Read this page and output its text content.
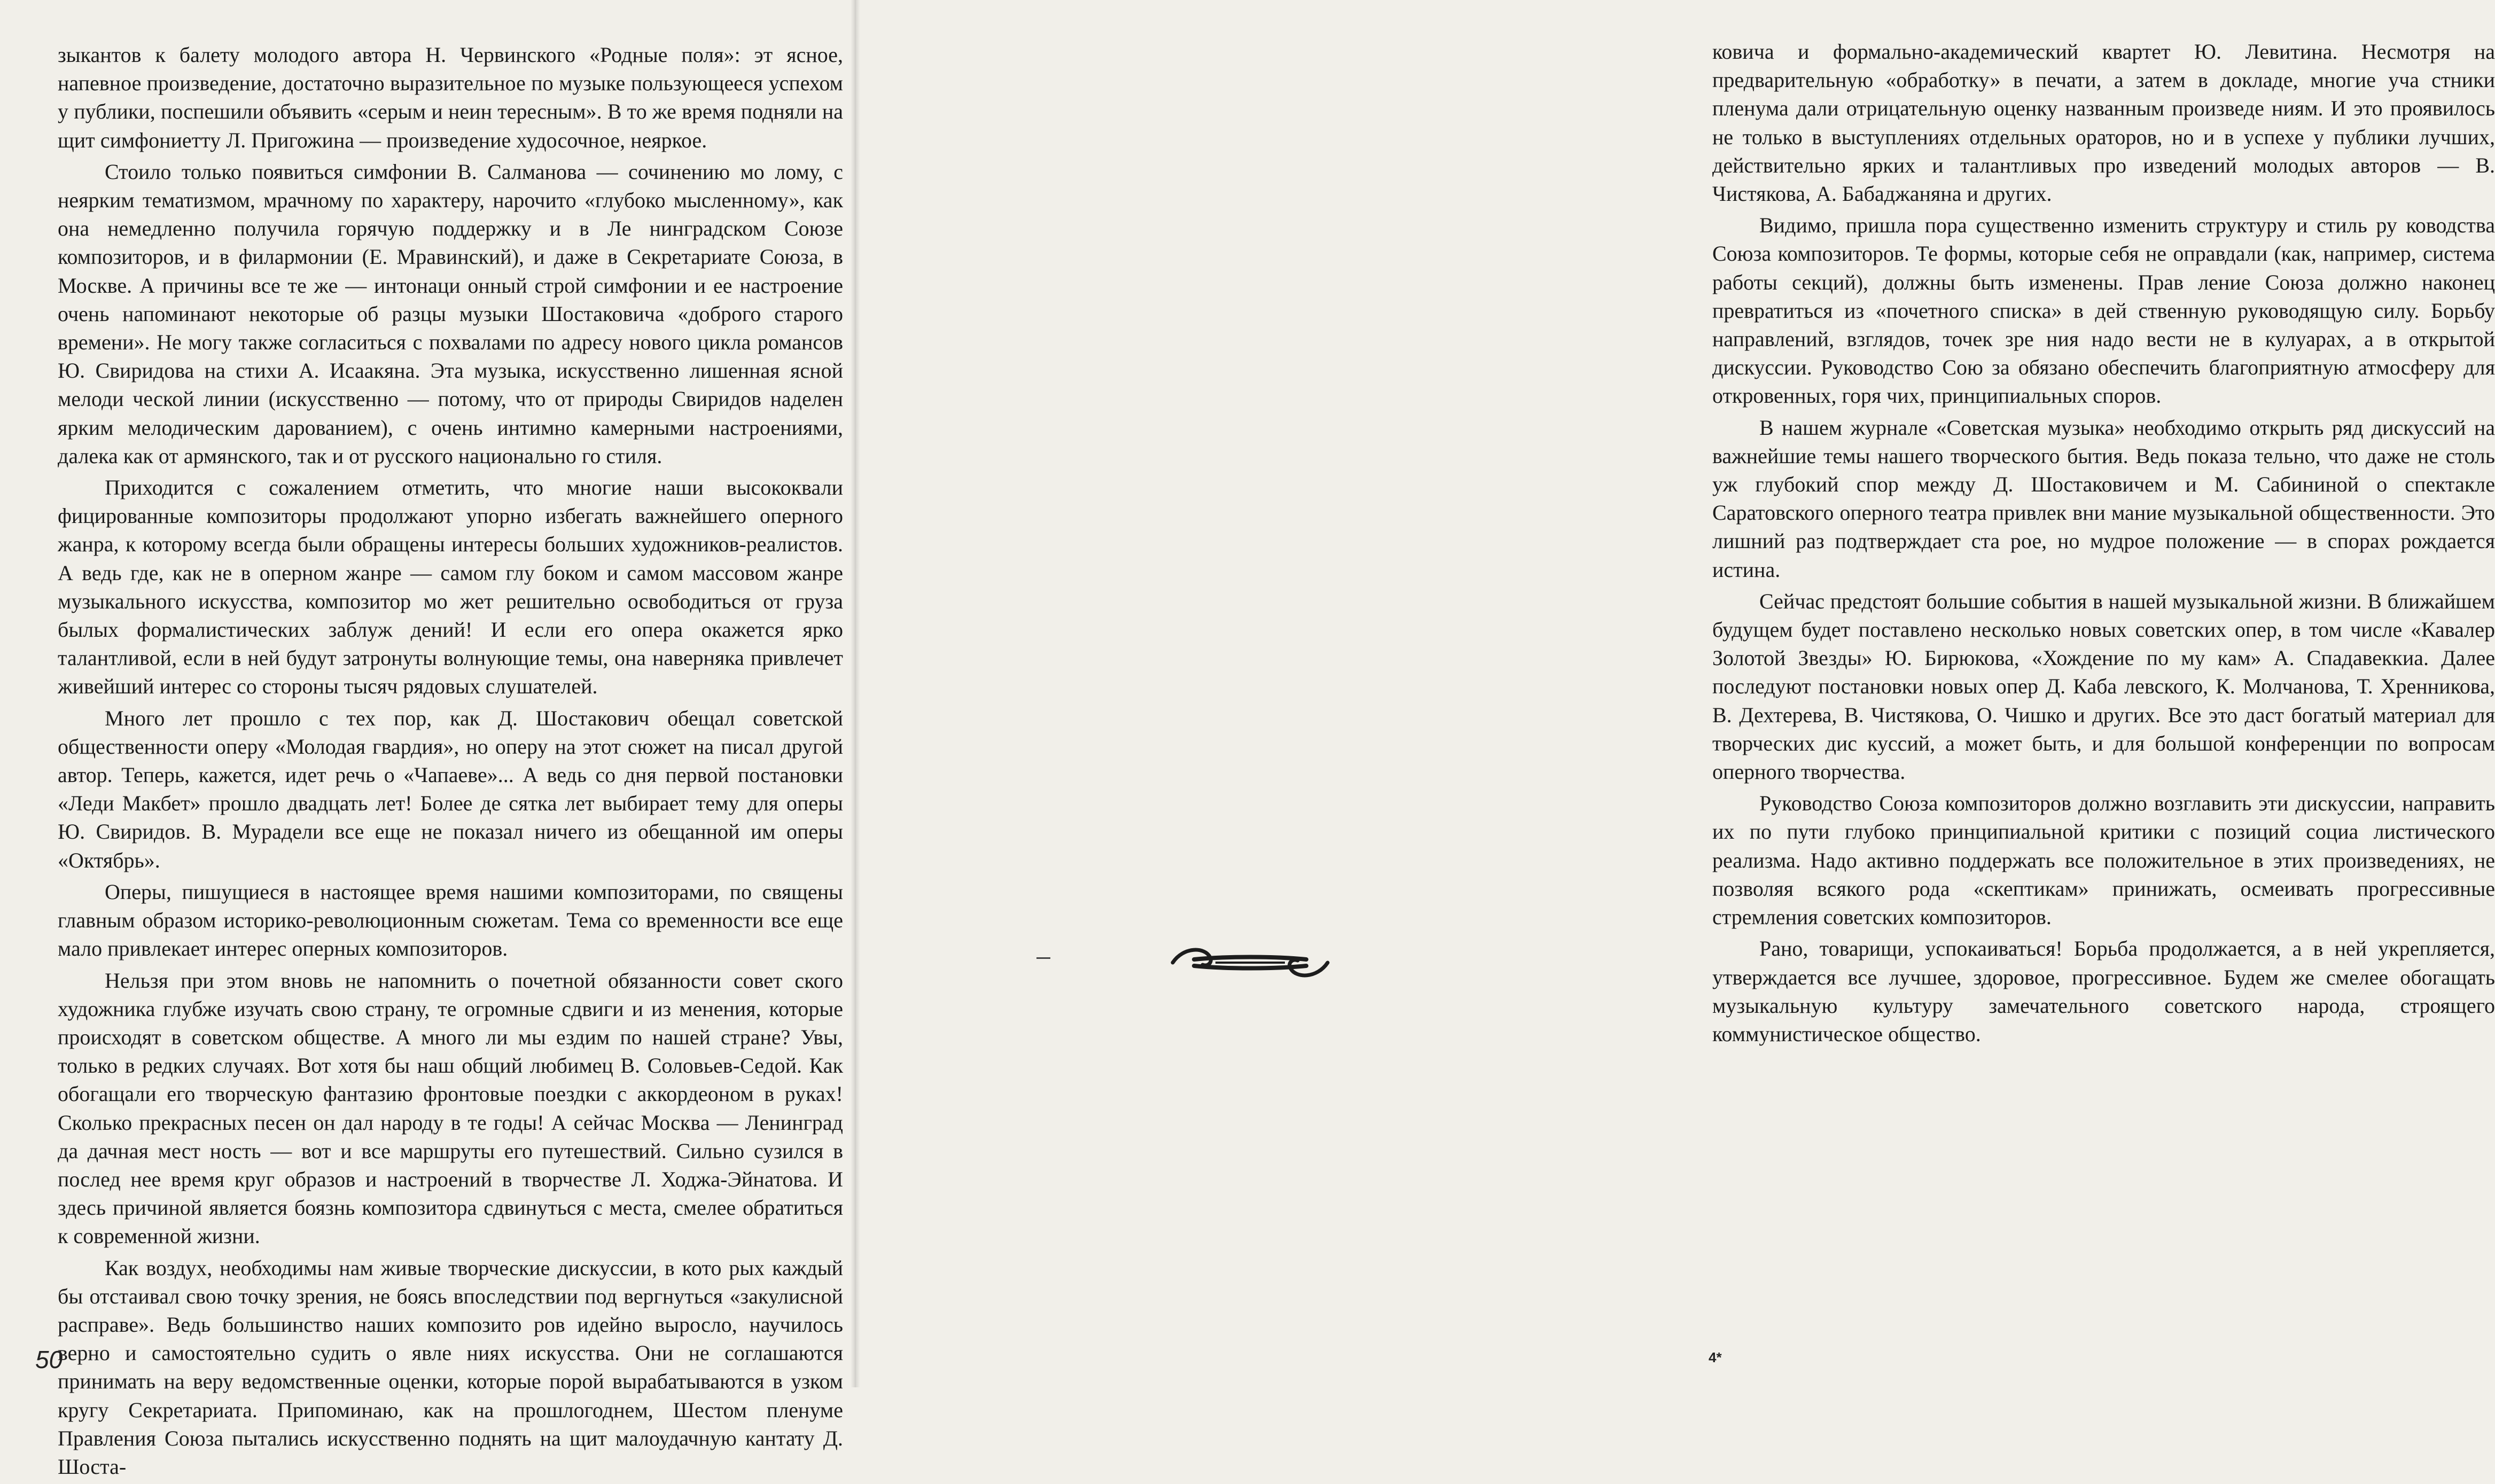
зыкантов к балету молодого автора Н. Червинского «Родные поля»: эт ясное, напевное произведение, достаточно выразительное по музыке пользующееся успехом у публики, поспешили объявить «серым и неин тересным». В то же время подняли на щит симфониетту Л. Пригожина — произведение худосочное, неяркое.

Стоило только появиться симфонии В. Салманова — сочинению мо лому, с неярким тематизмом, мрачному по характеру, нарочито «глубоко мысленному», как она немедленно получила горячую поддержку и в Ле нинградском Союзе композиторов, и в филармонии (Е. Мравинский), и даже в Секретариате Союза, в Москве. А причины все те же — интонаци онный строй симфонии и ее настроение очень напоминают некоторые об разцы музыки Шостаковича «доброго старого времени». Не могу также согласиться с похвалами по адресу нового цикла романсов Ю. Свиридова на стихи А. Исаакяна. Эта музыка, искусственно лишенная ясной мелоди ческой линии (искусственно — потому, что от природы Свиридов наделен ярким мелодическим дарованием), с очень интимно камерными настроениями, далека как от армянского, так и от русского национально го стиля.

Приходится с сожалением отметить, что многие наши высококвали фицированные композиторы продолжают упорно избегать важнейшего оперного жанра, к которому всегда были обращены интересы больших художников-реалистов. А ведь где, как не в оперном жанре — самом глу боком и самом массовом жанре музыкального искусства, композитор мо жет решительно освободиться от груза былых формалистических заблуж дений! И если его опера окажется ярко талантливой, если в ней будут затронуты волнующие темы, она наверняка привлечет живейший интерес со стороны тысяч рядовых слушателей.

Много лет прошло с тех пор, как Д. Шостакович обещал советской общественности оперу «Молодая гвардия», но оперу на этот сюжет на писал другой автор. Теперь, кажется, идет речь о «Чапаеве»... А ведь со дня первой постановки «Леди Макбет» прошло двадцать лет! Более де сятка лет выбирает тему для оперы Ю. Свиридов. В. Мурадели все еще не показал ничего из обещанной им оперы «Октябрь».

Оперы, пишущиеся в настоящее время нашими композиторами, по священы главным образом историко-революционным сюжетам. Тема со временности все еще мало привлекает интерес оперных композиторов.

Нельзя при этом вновь не напомнить о почетной обязанности совет ского художника глубже изучать свою страну, те огромные сдвиги и из менения, которые происходят в советском обществе. А много ли мы ездим по нашей стране? Увы, только в редких случаях. Вот хотя бы наш общий любимец В. Соловьев-Седой. Как обогащали его творческую фантазию фронтовые поездки с аккордеоном в руках! Сколько прекрасных песен он дал народу в те годы! А сейчас Москва — Ленинград да дачная мест ность — вот и все маршруты его путешествий. Сильно сузился в послед нее время круг образов и настроений в творчестве Л. Ходжа-Эйнатова. И здесь причиной является боязнь композитора сдвинуться с места, смелее обратиться к современной жизни.

Как воздух, необходимы нам живые творческие дискуссии, в кото рых каждый бы отстаивал свою точку зрения, не боясь впоследствии под вергнуться «закулисной расправе». Ведь большинство наших композито ров идейно выросло, научилось верно и самостоятельно судить о явле ниях искусства. Они не соглашаются принимать на веру ведомственные оценки, которые порой вырабатываются в узком кругу Секретариата. Припоминаю, как на прошлогоднем, Шестом пленуме Правления Союза пытались искусственно поднять на щит малоудачную кантату Д. Шоста-

50

ковича и формально-академический квартет Ю. Левитина. Несмотря на предварительную «обработку» в печати, а затем в докладе, многие уча стники пленума дали отрицательную оценку названным произведе ниям. И это проявилось не только в выступлениях отдельных ораторов, но и в успехе у публики лучших, действительно ярких и талантливых про изведений молодых авторов — В. Чистякова, А. Бабаджаняна и других.

Видимо, пришла пора существенно изменить структуру и стиль ру ководства Союза композиторов. Те формы, которые себя не оправдали (как, например, система работы секций), должны быть изменены. Прав ление Союза должно наконец превратиться из «почетного списка» в дей ственную руководящую силу. Борьбу направлений, взглядов, точек зре ния надо вести не в кулуарах, а в открытой дискуссии. Руководство Сою за обязано обеспечить благоприятную атмосферу для откровенных, горя чих, принципиальных споров.

В нашем журнале «Советская музыка» необходимо открыть ряд дискуссий на важнейшие темы нашего творческого бытия. Ведь показа тельно, что даже не столь уж глубокий спор между Д. Шостаковичем и М. Сабининой о спектакле Саратовского оперного театра привлек вни мание музыкальной общественности. Это лишний раз подтверждает ста рое, но мудрое положение — в спорах рождается истина.

Сейчас предстоят большие события в нашей музыкальной жизни. В ближайшем будущем будет поставлено несколько новых советских опер, в том числе «Кавалер Золотой Звезды» Ю. Бирюкова, «Хождение по му кам» А. Спадавеккиа. Далее последуют постановки новых опер Д. Каба левского, К. Молчанова, Т. Хренникова, В. Дехтерева, В. Чистякова, О. Чишко и других. Все это даст богатый материал для творческих дис куссий, а может быть, и для большой конференции по вопросам оперного творчества.

Руководство Союза композиторов должно возглавить эти дискуссии, направить их по пути глубоко принципиальной критики с позиций социа листического реализма. Надо активно поддержать все положительное в этих произведениях, не позволяя всякого рода «скептикам» принижать, осмеивать прогрессивные стремления советских композиторов.

Рано, товарищи, успокаиваться! Борьба продолжается, а в ней укрепляется, утверждается все лучшее, здоровое, прогрессивное. Будем же смелее обогащать музыкальную культуру замечательного советского народа, строящего коммунистическое общество.

4*
